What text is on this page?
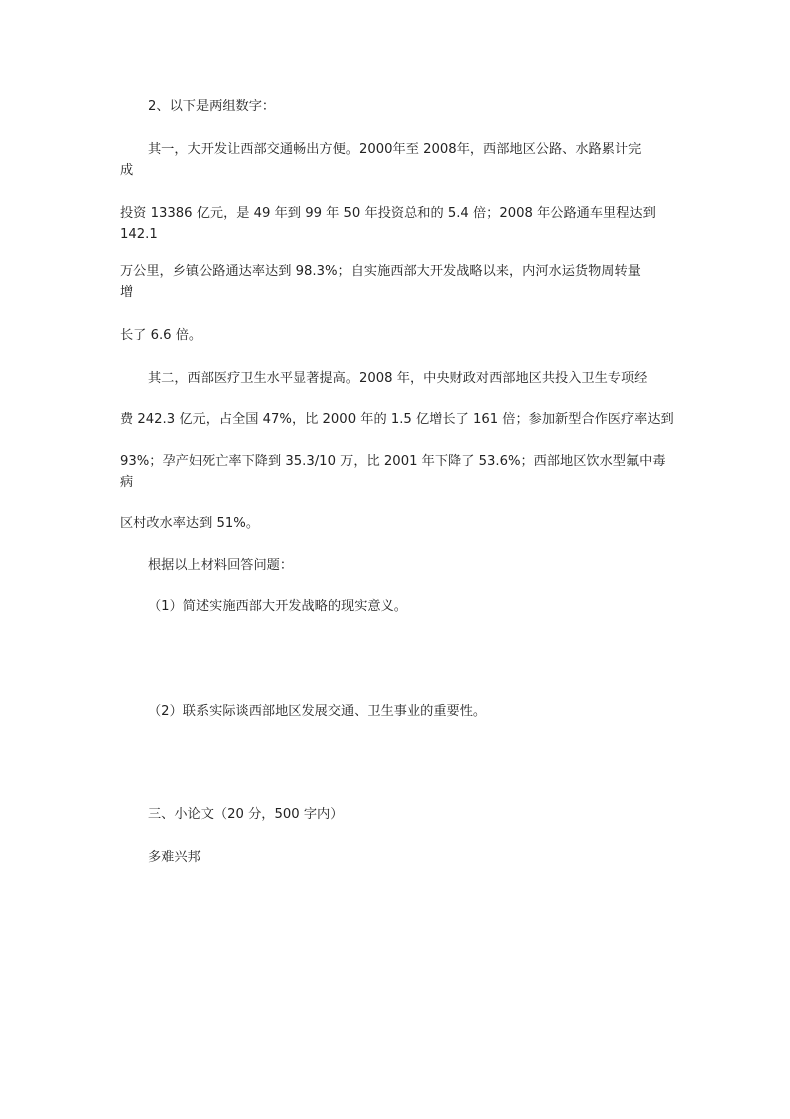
2、以下是两组数字：

其一，大开发让西部交通畅出方便。2000年至 2008年，西部地区公路、水路累计完

成

投资 13386 亿元，是 49 年到 99 年 50 年投资总和的 5.4 倍；2008 年公路通车里程达到

142.1

万公里，乡镇公路通达率达到 98.3%；自实施西部大开发战略以来，内河水运货物周转量

增

长了 6.6 倍。

其二，西部医疗卫生水平显著提高。2008 年，中央财政对西部地区共投入卫生专项经

费 242.3 亿元，占全国 47%，比 2000 年的 1.5 亿增长了 161 倍；参加新型合作医疗率达到

93%；孕产妇死亡率下降到 35.3/10 万，比 2001 年下降了 53.6%；西部地区饮水型氟中毒

病

区村改水率达到 51%。

根据以上材料回答问题：

（1）简述实施西部大开发战略的现实意义。

（2）联系实际谈西部地区发展交通、卫生事业的重要性。

三、小论文（20 分，500 字内）

多难兴邦
